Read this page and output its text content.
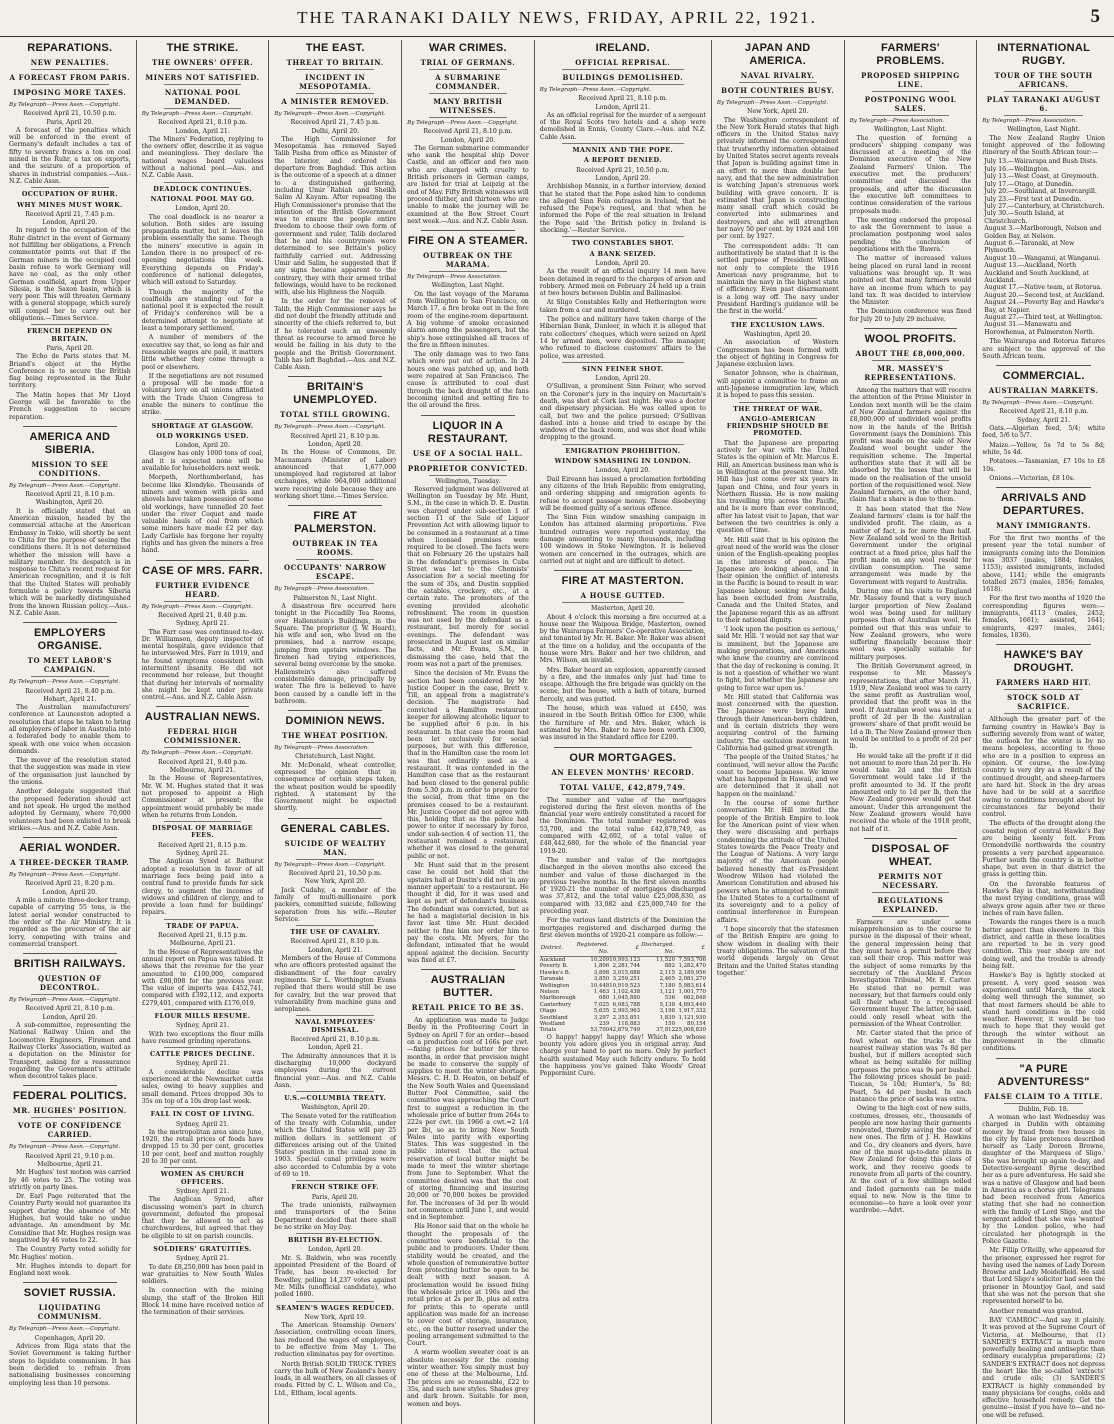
THE TARANAKI DAILY NEWS, FRIDAY, APRIL 22, 1921.	5
REPARATIONS.
NEW PENALTIES.
A FORECAST FROM PARIS.
IMPOSING MORE TAXES.
By Telegraph—Press Assn.—Copyright.
Received April 21, 10.50 p.m.
Paris, April 20.

A forecast of the penalties which will be enforced in the event of Germany's default includes a tax of fifty to seventy francs a ton on coal mined in the Ruhr, a tax on exports, and the seizure of a proportion of shares in industrial companies.—Aus.-N.Z. Cable Assn.

OCCUPATION OF RUHR.
WHY MINES MUST WORK.
Received April 21, 7.45 p.m.
London, April 20.

In regard to the occupation of the Ruhr district in the event of Germany not fulfilling her obligations, a French commentator points out that if the German miners in the occupied coal basin refuse to work Germany will have no coal, as the only other German coalfield, apart from Upper Silesia, is the Saxon basin, which is very poor. This will threaten Germany with a general stoppage, which surely will compel her to carry out her obligations.—Times Service.

FRENCH DEPEND ON BRITAIN.
Paris, April 20.

The Echo de Paris states that M. Briand's object at the Hythe Conference is to secure the British flag being represented in the Ruhr territory.

The Matin hopes that Mr Lloyd George will be favorable to the French suggestion to secure reparation.

AMERICA AND SIBERIA.
MISSION TO SEE CONDITIONS.
By Telegraph—Press Assn.—Copyright.
Received April 21, 8.10 p.m.
Washington, April 20.

It is officially stated that an American mission, headed by the commercial attache at the American Embassy in Tokio, will shortly be sent to Chita for the purpose of seeing the conditions there. It is not determined whether the mission will have a military member. Its despatch is in response to Chita's recent request for American recognition, and it is felt that the United States will probably formulate a policy towards Siberia which will be markedly distinguished from the known Russian policy.—Aus.-N.Z. Cable Assn.

EMPLOYERS ORGANISE.
TO MEET LABOR'S CAMPAIGN.
By Telegraph—Press Assn.—Copyright.
Received April 21, 8.40 p.m.
Hobart, April 21.

The Australian manufacturers' conference at Launceston adopted a resolution that steps be taken to bring all employers of labor in Australia into a federated body to enable them to speak with one voice when occasion demands.

The mover of the resolution stated that the suggestion was made in view of the organisation just launched by the unions.

Another delegate suggested that the proposed federation should act and not speak. He urged the method adopted by Germany, where 70,000 volunteers had been enlisted to break strikes.—Aus. and N.Z. Cable Assn.

AERIAL WONDER.
A THREE-DECKER TRAMP.
By Telegraph—Press Assn.—Copyright.
Received April 21, 8.20 p.m.
London, April 20.

A mile a minute three-decker tramp, capable of carrying 55 tons, is the latest aerial wonder constructed to the order of the Air Ministry. It is regarded as the precursor of the air lorry, competing with trains and commercial transport.

BRITISH RAILWAYS.
QUESTION OF DECONTROL.
By Telegraph—Press Assn.—Copyright.
Received April 21, 8.10 p.m.
London, April 20.

A sub-committee, representing the National Railway Union and the Locomotive Engineers, Firemen and Railway Clerks' Association, waited as a deputation on the Minister for Transport, asking for a reassurance regarding the Government's attitude when decontrol takes place.

FEDERAL POLITICS.
MR. HUGHES' POSITION.
VOTE OF CONFIDENCE CARRIED.
By Telegraph—Press Assn.—Copyright.
Received April 21, 9.10 p.m.
Melbourne, April 21.

Mr. Hughes' test motion was carried by 46 votes to 25. The voting was strictly on party lines.

Dr. Earl Page reiterated that the Country Party would not guarantee its support during the absence of Mr. Hughes, but would take no undue advantage. An amendment by Mr. Considine that Mr. Hughes resign was negatived by 46 votes to 22.

The Country Party voted solidly for Mr. Hughes' motion.

Mr. Hughes intends to depart for England next week.

SOVIET RUSSIA.
LIQUIDATING COMMUNISM.
By Telegraph—Press Assn.—Copyright.
Copenhagen, April 20.

Advices from Riga state that the Soviet Government is taking further steps to liquidate communism. It has been decided to refrain from nationalising businesses concerning employing less than 10 persons.

THE STRIKE.
THE OWNERS' OFFER.
MINERS NOT SATISFIED.
NATIONAL POOL DEMANDED.
By Telegraph—Press Assn.—Copyright.
Received April 21, 8.10 p.m.
London, April 21.

The Miners' Federation, replying to the owners' offer, describe it as vague and meaningless. They declare the national wages board valueless without a national pool.—Aus. and N.Z. Cable Assn.

DEADLOCK CONTINUES.
NATIONAL POOL MAY GO.
London, April 20.

The coal deadlock is no nearer a solution. Both sides are issuing propaganda matter, but it leaves the problem essentially the same. Though the miners' executive is again in London there is no prospect of re-opening negotiations this week. Everything depends on Friday's conference of national delegates, which will extend to Saturday.

Though the majority of the coalfields are standing out for a national pool it is expected the result of Friday's conference will be a determined attempt to negotiate at least a temporary settlement.

A number of members of the executive say that, so long as fair and reasonable wages are paid, it matters little whether they come through a pool or elsewhere.

If the negotiations are not resumed a proposal will be made for a voluntary levy on all unions affiliated with the Trade Union Congress to enable the miners to continue the strike.

SHORTAGE AT GLASGOW.
OLD WORKINGS USED.
London, April 20.

Glasgow has only 1000 tons of coal, and it is expected none will be available for householders next week.

Morpeth, Northumberland, has become like Klondyke. Thousands of miners and women with picks and shovels have taken possession of some old workings, have tunnelled 20 feet under the river Coquet and made valuable hauls of coal from which some miners have made £2 per day. Lady Carlisle has forgone her royalty rights and has given the miners a free hand.

CASE OF MRS. FARR.
FURTHER EVIDENCE HEARD.
By Telegraph—Press Assn.—Copyright.
Received April 21, 8.40 p.m.
Sydney, April 21.

The Farr case was continued to-day. Dr. Williamson, deputy inspector of mental hospitals, gave evidence that he interviewed Mrs. Farr in 1919, and he found symptoms consistent with intermittent insanity. He did not recommend her release, but thought that during her intervals of normality she might be kept under private control.—Aus. and N.Z. Cable Assn.

AUSTRALIAN NEWS.
FEDERAL HIGH COMMISSIONER.
By Telegraph—Press Assn.—Copyright.
Received April 21, 9.40 p.m.
Melbourne, April 21.

In the House of Representatives, Mr. W. M. Hughes stated that it was not proposed to appoint a High Commissioner at present; the appointment would probably be made when he returns from London.

DISPOSAL OF MARRIAGE FEES.
Received April 21, 8.15 p.m.
Sydney, April 21.

The Anglican Synod at Bathurst adopted a resolution in favor of all marriage fees being paid into a central fund to provide funds for sick clergy, to augment the incomes of widows and children of clergy, and to provide a loan fund for buildings' repairs.

TRADE OF PAPUA.
Received April 21, 8.15 p.m.
Melbourne, April 21.

In the House of Representatives the annual report on Papua was tabled. It shows that the revenue for the year amounted to £100,000, compared with £90,098 for the previous year. The value of imports was £452,741, compared with £392,112, and exports £279,401, compared with £176,019.

FLOUR MILLS RESUME.
Sydney, April 21.

With two exceptions the flour mills have resumed grinding operations.

CATTLE PRICES DECLINE.
Sydney, April 21.

A considerable decline was experienced at the Newmarket cattle sales, owing to heavy supplies and small demand. Prices dropped 30s to 35s on top of a 10s drop last week.

FALL IN COST OF LIVING.
Sydney, April 21.

In the metropolitan area since June, 1920, the retail prices of foods have dropped 15 to 30 per cent, groceries 10 per cent, beef and mutton roughly 20 to 30 per cent.

WOMEN AS CHURCH OFFICERS.
Sydney, April 21.

The Anglican Synod, after discussing women's part in church government, defeated the proposal that they be allowed to act as churchwardens, but agreed that they be eligible to sit on parish councils.

SOLDIERS' GRATUITIES.
Sydney, April 21.

To date £8,250,000 has been paid in war gratuities to New South Wales soldiers.

In connection with the mining slump, the staff of the Broken Hill Block 14 mine have received notice of the termination of their services.

THE EAST.
THREAT TO BRITAIN.
INCIDENT IN MESOPOTAMIA.
A MINISTER REMOVED.
By Telegraph—Press Assn.—Copyright.
Received April 21, 7.45 p.m.
Delhi, April 20.

The High Commissioner for Mesopotamia has removed Sayed Talib Pasha from office as Minister of the Interior, and ordered his departure from Baghdad. This action is the outcome of a speech at a dinner to a distinguished gathering, including Umir Rabiah and Sheikh Salim Al Kayam. After repeating the High Commissioner's promise that the intention of the British Government was to ensure the people entire freedom to choose their own form of government and ruler, Talib declared that he and his countrymen were determined to see Britain's policy faithfully carried out. Addressing Umir and Salim, he suggested that if any signs became apparent to the contrary, they with their armed tribal fellowings, would have to be reckoned with, also his Highness the Naquib.

In the order for the removal of Talib, the High Commissioner says he did not doubt the friendly attitude and sincerity of the chiefs referred to, but if he tolerated such an unseemly threat as recourse to armed force he would be failing in his duty to the people and the British Government. Talib has left Baghdad.—Aus. and N.Z. Cable Assn.

BRITAIN'S UNEMPLOYED.
TOTAL STILL GROWING.
By Telegraph—Press Assn.—Copyright.
Received April 21, 8.10 p.m.
London, April 20.

In the House of Commons, Dr. Macnamara (Minister of Labor) announced that 1,677,000 unemployed had registered at labor exchanges, while 964,000 additional were receiving dole because they are working short time.—Times Service.

FIRE AT PALMERSTON.
OUTBREAK IN TEA ROOMS.
OCCUPANTS' NARROW ESCAPE.
By Telegraph—Press Association.
Palmerston N., Last Night.

A disastrous fire occurred here tonight in the Piccadilly Tea Rooms, over Hallenstein's Buildings, in the Square. The proprietor (J. W. Heard), his wife and son, who lived on the premises, had a narrow escape, jumping from upstairs windows. The firemen had trying experiences, several being overcome by the smoke. Hallenstein's also suffered considerable damage, principally by water. The fire is believed to have been caused by a candle left in the bathroom.

DOMINION NEWS.
THE WHEAT POSITION.
By Telegraph—Press Association.
Christchurch, Last Night.

Mr. McDonald, wheat controller, expressed the opinion that in consequence of certain steps taken, the wheat position would be speedily righted. A statement by the Government might be expected shortly.

GENERAL CABLES.
SUICIDE OF WEALTHY MAN.
By Telegraph—Press Assn.—Copyright.
Received April 21, 10.50 p.m.
New York, April 20.

Jack Cudahy, a member of the family of multi-millionaire pork packers, committed suicide, following separation from his wife.—Reuter Service.

THE USE OF CAVALRY.
Received April 21, 8.10 p.m.
London, April 21.

Members of the House of Commons who are officers protested against the disbandment of the four cavalry regiments. Sir L. Worthington Evans replied that there would still be use for cavalry, but the war proved that vulnerability from machine guns and aeroplanes.

NAVAL EMPLOYEES' DISMISSAL.
Received April 21, 8.10 p.m.
London, April 21.

The Admiralty announces that it is discharging 10,000 dockyard employees during the current financial year.—Aus. and N.Z. Cable Assn.

U.S.—COLUMBIA TREATY.
Washington, April 20.

The Senate voted for the ratification of the treaty with Columbia, under which the United States will pay 25 million dollars in settlement of differences arising out of the United States' position in the canal zone in 1903. Special canal privileges were also accorded to Columbia by a vote of 69 to 19.

FRENCH STRIKE OFF.
Paris, April 20.

The trade unionists, railwaymen and transporters of the Seine Department decided that there shall be no strike on May Day.

BRITISH BY-ELECTION.
London, April 20.

Mr. S. Baldwin, who was recently appointed President of the Board of Trade, has been re-elected for Bewdley, polling 14,237 votes against Mr. Mills (unofficial candidate), who polled 1680.

SEAMEN'S WAGES REDUCED.
New York, April 19.

The American Steamship Owners' Association, controlling ocean liners, has reduced the wages of employees, to be effective from May 1. The reduction eliminates pay for overtime.

North British SOLID TRUCK TYRES carry the bulk of New Zealand's heavy loads, in all weathers, on all classes of roads. Fitted by C. L. Wilson and Co., Ltd., Eltham, local agents.

WAR CRIMES.
TRIAL OF GERMANS.
A SUBMARINE COMMANDER.
MANY BRITISH WITNESSES.
By Telegraph—Press Assn.—Copyright.
Received April 21, 8.10 p.m.
London, April 20.

The German submarine commander who sank the hospital ship Dover Castle, and an officer and two men who are charged with cruelty to British prisoners in German camps, are listed for trial at Leipzig at the end of May. Fifty British witnesses will proceed thither, and thirteen who are unable to make the journey will be examined at the Bow Street Court next week.—Aus. and N.Z. Cable Assn.

FIRE ON A STEAMER.
OUTBREAK ON THE MARAMA.
By Telegraph—Press Association.
Wellington, Last Night.

On the last voyage of the Marama from Wellington to San Francisco, on March 17, a fire broke out in the fore room of the engine-room department. A big volume of smoke occasioned alarm among the passengers, but the ship's hose extinguished all traces of the fire in fifteen minutes.

The only damage was to two fans which were put out of action. In 24 hours one was patched up, and both were repaired at San Francisco. The cause is attributed to coal dust through the back draught of the fans becoming ignited and setting fire to the oil around the fires.

LIQUOR IN A RESTAURANT.
USE OF A SOCIAL HALL.
PROPRIETOR CONVICTED.
Wellington, Tuesday.

Reserved judgment was delivered at Wellington on Tuesday by Mr. Hunt, S.M., in the case in which D. E. Dustin was charged under sub-section 1 of section 11 of the Sale of Liquor Prevention Act with allowing liquor to be consumed in a restaurant at a time when licensed premises were required to be closed. The facts were that on February 26 the upstairs hall in the defendant's premises in Cuba Street was let to the Chemists' Association for a social meeting for the sum of 35s, and Dustin supplied the eatables, crockery, etc., at a certain rate. The promoters of the evening provided alcoholic refreshment. The room in question was not used by the defendant as a restaurant, but merely for social evenings. The defendant was prosecuted in August last on similar facts, and Mr. Evans, S.M., in dismissing the case, held that the room was not a part of the premises.

Since the decision of Mr. Evans the section had been considered by Mr. Justice Cooper in the case, Brett v. Till, an appeal from a magistrate's decision. The magistrate had convicted a Hamilton restaurant keeper for allowing alcoholic liquor to be supplied after 6 p.m. in his restaurant. In that case the room had been let exclusively for social purposes, but with this difference, that in the Hamilton case the room let was that ordinarily used as a restaurant. It was contended in the Hamilton case that as the restaurant had been closed to the general public from 5.30 p.m. in order to prepare for the social, from that time on the premises ceased to be a restaurant. Mr. Justice Cooper did not agree with this, holding that as the police had power to enter if necessary by force, under sub-section 4 of section 11, the restaurant remained a restaurant, whether it was closed to the general public or not.

Mr. Hunt said that in the present case he could not hold that the upstairs hall at Dustin's did not 'in any manner appertain' to a restaurant. He thought it did, for it was used and kept as part of defendant's business. The defendant was convicted, but as he had a magisterial decision in his favor last time Mr. Hunt decided neither to fine him nor order him to pay the costs. Mr. Myers, for the defendant, intimated that he would appeal against the decision. Security was fixed at £7.

AUSTRALIAN BUTTER.
RETAIL PRICE TO BE 3S.

An application was made to Judge Beeby in the Profiteering Court in Sydney on April 7 for an order—based on a production cost of 166s per cwt.—fixing prices for butter for three months, in order that provision might be made to conserve the supply of supplies to meet the winter shortage. Messrs. C. H. D. Heaton, on behalf of the New South Wales and Queensland Butter Pool Committee, said the committee was approaching the Court first to suggest a reduction in the wholesale price of butter from 264s to 222s per cwt. (in 1966 a cwt.=2 1/4 per lb), so as to bring New South Wales into parity with exporting States. This was suggested in the public interest that the actual reservation of local butter might be made to meet the winter shortage from June to September. What the committee desired was that the cost of storing, financing and insuring 20,000 or 70,000 boxes be provided for. The increases of 3d per lb would not commence until June 1, and would end in September.

His Honor said that on the whole he thought the proposals of the committee were beneficial to the public and to producers. Under them stability would be created, and the whole question of remunerative butter from protecting butter be open to be dealt with next season. A proclamation would be issued fixing the wholesale price at 196s and the retail price at 2s per lb, plus ad extra for prints; this to operate until application was made for an increase to cover cost of storage, insurance, etc., on the butter reserved under the pooling arrangement submitted to the Court.

A warm woollen sweater coat is an absolute necessity for the coming winter weather. You simply must buy one of these at the Melbourne, Ltd. The prices are so reasonable, £22 to 35s, and such new styles. Shades grey and dark brown. Suitable for men, women and boys.

IRELAND.
OFFICIAL REPRISAL.
BUILDINGS DEMOLISHED.
By Telegraph—Press Assn.—Copyright.
Received April 21, 8.10 p.m.
London, April 21.

As an official reprisal for the murder of a sergeant of the Royal Scots two hotels and a shop were demolished in Ennis, County Clare.—Aus. and N.Z. Cable Assn.

MANNIX AND THE POPE.
A REPORT DENIED.
Received April 21, 10.50 p.m.
London, April 20.

Archbishop Mannix, in a further interview, denied that he stated that the Pope asked him to condemn the alleged Sinn Fein outrages in Ireland, that he refused the Pope's request, and that when he informed the Pope of the real situation in Ireland the Pope said 'the British policy in Ireland is shocking.'—Reuter Service.

TWO CONSTABLES SHOT.
A BANK SEIZED.
London, April 20.

As the result of an official inquiry 14 men have been detained in regard to the charges of arson and robbery. Armed men on February 24 held up a train at two hours between Dublin and Ballinasloe.

At Sligo Constables Kelly and Hetherington were taken from a car and murdered.

The police and military have taken charge of the Hibernian Bank, Dunleer, in which it is alleged that rate collectors' cheques, which were seized on April 14 by armed men, were deposited. The manager, who refused to disclose customers' affairs to the police, was arrested.

SINN FEINER SHOT.
London, April 20.

O'Sullivan, a prominent Sinn Feiner, who served on the Coroner's jury in the inquiry on Macurtain's death, was shot at Cork last night. He was a doctor and dispensary physician. He was called upon to call, but two and the police pursued; O'Sullivan dashed into a house and tried to escape by the windows of the back room, and was shot dead while dropping to the ground.

EMIGRATION PROHIBITION.
WINDOW SMASHING IN LONDON.
London, April 20.

Dail Eireann has issued a proclamation forbidding any citizens of the Irish Republic from emigrating, and ordering shipping and emigration agents to refuse to accept passage money. Those disobeying will be deemed guilty of a serious offence.

The Sinn Fein window smashing campaign in London has attained alarming proportions. Five hundred outrages were reported yesterday, the damage amounting to many thousands, including 100 windows in Stoke Newington. It is believed women are concerned in the outrages, which are carried out at night and are difficult to detect.

FIRE AT MASTERTON.
A HOUSE GUTTED.
Masterton, April 20.

About 4 o'clock this morning a fire occurred at a house near the Waipoua Bridge, Masterton, owned by the Wairarapa Farmers' Co-operative Association, and tenanted by Mr. H. Baker. Mr. Baker was absent at the time on a holiday, and the occupants of the house were Mrs. Baker and her two children, and Mrs. Wilson, an invalid.

Mrs. Baker heard an explosion, apparently caused by a fire, and the inmates only just had time to escape. Although the fire brigade was quickly on the scene, but the house, with a bath of totara, burned fiercely, and was gutted.

The house, which was valued at £450, was insured in the South British Office for £300, while the furniture of Mr. and Mrs. Baker, which is estimated by Mrs. Baker to have been worth £300, was insured in the Standard office for £200.

OUR MORTGAGES.
AN ELEVEN MONTHS' RECORD.
TOTAL VALUE, £42,879,749.

The number and value of the mortgages registered during the first eleven months of the financial year were entirely constituted a record for the Dominion. The total number registered was 53,700, and the total value £42,879,749, as compared with 42,692, of a total value of £48,442,680, for the whole of the financial year 1919-20.

The number and value of the mortgages discharged in the eleven months also exceed the number and value of those discharged in the previous twelve months. In the first eleven months of 1920-21 the number of mortgages discharged was 37,812, and the total value £25,008,830, as compared with 33,082 and £25,000,740 for the preceding year.

For the various land districts of the Dominion the mortgages registered and discharged during the first eleven months of 1920-21 compare as follow:—

District.	Registered. No.	£	Discharged. No.	£
Auckland	10,209	10,993,123	11,520	7,593,706
Poverty B.	1,806	2,281,744	882	1,282,470
Hawke's B.	3,898	3,015,688	2,115	2,189,956
Taranaki	3,850	3,259,251	2,465	2,081,270
Wellington	10,448	10,919,523	7,180	5,983,614
Nelson	1,463	1,102,438	1,121	1,001,770
Marlborough	680	1,045,880	536	662,848
Canterbury	7,025	6,083,788	5,138	4,693,440
Otago	5,635	2,993,963	3,198	1,917,332
Southland	3,297	2,353,851	1,839	1,121,930
Westland	239	118,883	150	80,154
Totals	53,700	42,879,749	37,812	25,008,830

O happy! happy! happy day! Which she whose bounty you adore gives you in original array. And charge your hand to part no more. Only by perfect health sustained May such felicity endure. To hold the happiness you've gained Take Woods' Great Peppermint Cure.

JAPAN AND AMERICA.
NAVAL RIVALRY.
BOTH COUNTRIES BUSY.
By Telegraph—Press Assn.—Copyright.
New York, April 20.

The Washington correspondent of the New York Herald states that high officers in the United States navy privately informed the correspondent that trustworthy information obtained by United States secret agents reveals that Japan is building against time in an effort to more than double her navy, and that the new administration is watching Japan's strenuous work building with grave concern. It is estimated that Japan is constructing many small craft which could be converted into submarines and destroyers, and she will strengthen her navy 50 per cent. by 1924 and 100 per cent. by 1927.

The correspondent adds: 'It can authoritatively be stated that it is the settled purpose of President Wilson not only to complete the 1916 American navy programme, but to maintain the navy in the highest state of efficiency. Even past disarmament is a long way off. The navy under President Harding's guidance will be the first in the world.'

THE EXCLUSION LAWS.
Washington, April 20.

An association of Western Congressmen has been formed with the object of fighting in Congress for Japanese exclusion laws.

Senator Johnson, who is chairman, will appoint a committee to frame an anti-Japanese immigration law, which it is hoped to pass this session.

THE THREAT OF WAR.
ANGLO-AMERICAN FRIENDSHIP SHOULD BE PROMOTED.

That the Japanese are preparing actively for war with the United States is the opinion of Mr. Marcus E. Hill, an American business man who is in Wellington at the present time. Mr. Hill has just come over six years in Japan and China, and four years in Northern Russia. He is now making his travelling trip across the Pacific, and he is more than ever convinced, after his latest visit to Japan, that war between the two countries is only a question of time.

Mr. Hill said that in his opinion the great need of the world was the closer union of the English-speaking peoples in the interests of peace. The Japanese are looking ahead, and in their opinion the conflict of interests in the Pacific is bound to result in war. Japanese labour, seeking new fields, has been excluded from Australia, Canada and the United States, and the Japanese regard this as an affront to their national dignity.

'I look upon the position as serious,' said Mr. Hill. 'I would not say that war is imminent, but the Japanese are making preparations, and Americans who know the country are convinced that the day of reckoning is coming. It is not a question of whether we want to fight, but whether the Japanese are going to force war upon us.'

Mr. Hill stated that California was most concerned with the question. The Japanese were buying land through their American-born children, and in certain districts they were acquiring control of the farming industry. The exclusion movement in California had gained great strength.

'The people of the United States,' he continued, 'will never allow the Pacific coast to become Japanese. We know what has happened in Hawaii, and we are determined that it shall not happen on the mainland.'

In the course of some further conversation Mr. Hill invited the people of the British Empire to look for the American point of view when they were discussing and perhaps condemning the attitude of the United States towards the Peace Treaty and the League of Nations. A very large majority of the American people believed honestly that ex-President Woodrow Wilson had violated the American Constitution and abused his powers when he attempted to commit the United States to a curtailment of its sovereignty and to a policy of continual interference in European affairs.

'I hope sincerely that the statesmen of the British Empire are going to show wisdom in dealing with their treaty obligations. The salvation of the world depends largely on Great Britain and the United States standing together.'

FARMERS' PROBLEMS.
PROPOSED SHIPPING LINE.
POSTPONING WOOL SALES.
By Telegraph—Press Association.
Wellington, Last Night.

The question of forming a producers' shipping company was discussed at a meeting of the Dominion executive of the New Zealand Farmers' Union. The executive met the producers' committee and discussed the proposals, and after the discussion the executive left committees to continue consideration of the various proposals made.

The meeting endorsed the proposal to ask the Government to issue a proclamation postponing wool sales pending the conclusion of negotiations with the 'Bawra.'

The matter of increased values being placed on rural land in recent valuations was brought up. It was pointed out that many farmers would have an income from which to pay land tax. It was decided to interview the Minister.

The Dominion conference was fixed for July 20 to July 29 inclusive.

WOOL PROFITS.
ABOUT THE £8,000,000.
MR. MASSEY'S REPRESENTATIONS.

Among the matters that will receive the attention of the Prime Minister in London next month will be the claim of New Zealand farmers against the £8,000,000 of undivided wool profits now in the hands of the British Government (says the Dominion). This profit was made on the sale of New Zealand wool bought under the requisition scheme. The Imperial authorities state that it will all be absorbed by the losses that will be made on the realisation of the unsold portion of the requisitioned wool. New Zealand farmers, on the other hand, claim that a share is due to them.

It has been stated that the New Zealand farmers' claim is for half the undivided profit. The claim, as a matter of fact, is for more than half. New Zealand sold wool to the British Government under the original contract at a fixed price, plus half the profit made on any wool resold for civilian consumption. The same arrangement was made by the Government with regard to Australia.

During one of his visits to England Mr. Massey found that a very much larger proportion of New Zealand wool was being used for military purposes than of Australian wool. He pointed out that this was unfair to New Zealand growers, who were suffering financially because their wool was specially suitable for military purposes.

The British Government agreed, in response to Mr. Massey's representations, that after March 31, 1919, New Zealand wool was to carry the same profit as Australian wool, provided that the profit was in the wool. If Australian wool was sold at a profit of 2d per lb the Australian growers' share of that profit would be 1d a lb. The New Zealand grower then would be entitled to a profit of 2d per lb.

He would take all the profit if it did not amount to more than 2d per lb. He would take 2d and the British Government would take 1d if the profit amounted to 3d. If the profit amounted only to 1d per lb, then the New Zealand grower would get that amount. Under this arrangement the New Zealand growers would have received the whole of the 1918 profit, not half of it.

DISPOSAL OF WHEAT.
PERMITS NOT NECESSARY.
REGULATIONS EXPLAINED.

Farmers are under some misapprehension as to the course to pursue in the disposal of their wheat, the general impression being that they must have a permit before they can sell their crop. This matter was the subject of some remarks by the secretary of the Auckland Prices Investigation Tribunal, Mr. E. Carter. He stated that no permit was necessary, but that farmers could only sell their wheat to a recognised Government buyer. The latter, he said, could only resell wheat with the permission of the Wheat Controller.

Mr. Carter stated that the price of fowl wheat on the trucks at the nearest railway station was 7s 8d per bushel, but if millers accepted such wheat as being suitable for milling purposes the price was 9s per bushel. The following prices should be paid: Tuscan, 5s 10d; Hunter's, 5s 8d; Pearl, 5s 4d per bushel. In each instance the price of sacks was extra.

Owing to the high cost of new suits, costumes, dresses, etc., thousands of people are now having their garments renovated, thereby saving the cost of new ones. The firm of J. H. Hawkins and Co., dry cleaners and dyers, have one of the most up-to-date plants in New Zealand for doing this class of work, and they receive goods to renovate from all parts of the country. At the cost of a few shillings soiled and faded garments can be made equal to new. Now is the time to economise—to have a look over your wardrobe.—Advt.

INTERNATIONAL RUGBY.
TOUR OF THE SOUTH AFRICANS.
PLAY TARANAKI AUGUST 6.
By Telegraph—Press Association.
Wellington, Last Night.

The New Zealand Rugby Union tonight approved of the following itinerary of the South African tour:—

July 13.—Wairarapa and Bush Dists.
July 16.—Wellington.
July 13.—West Coast, at Greymouth.
July 17.—Otago, at Dunedin.
July 20.—Southland, at Invercargill.
July 23.—First test at Dunedin.
July 27.—Canterbury, at Christchurch.
July 30.—South Island, at Christchurch.
August 3.—Marlborough, Nelson and Golden Bay, at Nelson.
August 6.—Taranaki, at New Plymouth.
August 10.—Wanganui, at Wanganui.
August 13.—Auckland, North Auckland and South Auckland, at Auckland.
August 17.—Native team, at Rotorua.
August 20.—Second test, at Auckland.
August 24.—Poverty Bay and Hawke's Bay, at Napier.
August 27.—Third test, at Wellington.
August 31.—Manawatu and Horowhenua, at Palmerston North.

The Wairarapa and Rotorua fixtures are subject to the approval of the South African team.

COMMERCIAL.
AUSTRALIAN MARKETS.
By Telegraph—Press Assn.—Copyright.
Received April 21, 8.10 p.m.
Sydney, April 21.

Oats.—Algerian feed, 5/4; white feed, 5/6 to 5/7.

Maize.—Yellow, 5s 7d to 5s 8d; white, 5s 4d.

Potatoes.—Tasmanian, £7 10s to £8 10s.

Onions.—Victorian, £8 10s.

ARRIVALS AND DEPARTURES.
MANY IMMIGRANTS.

For the first two months of the present year the total number of immigrants coming into the Dominion was 3037 (males, 1884; females, 1153); assisted immigrants, included above, 1141; while the emigrants totalled 2673 (males, 1856; females, 1618).

For the first two months of 1920 the corresponding figures were:—immigrants, 4113 (males, 2452; females, 1661); assisted, 1641; emigrants, 4297 (males, 2461; females, 1836).

HAWKE'S BAY DROUGHT.
FARMERS HARD HIT.
STOCK SOLD AT SACRIFICE.

Although the greater part of the farming country in Hawke's Bay is suffering severely from want of water, the outlook for the winter is by no means hopeless, according to those who are in a position to express an opinion. Of course, the low-lying country is very dry as a result of the continued drought, and sheep-farmers are hard hit. Stock in the dry areas have had to be sold at a sacrifice owing to conditions brought about by circumstances far beyond their control.

The effects of the drought along the coastal region of central Hawke's Bay are being keenly felt. From Ormondville northwards the country presents a very parched appearance. Further south the country is in better shape, but even in that district the grass is getting thin.

On the favorable features of Hawke's Bay is that, notwithstanding the most trying conditions, grass will always grow again after two or three inches of rain have fallen.

Towards the ranges there is a much better aspect than elsewhere in this district, and cattle in these localities are reported to be in very good condition. This year sheep are not doing well, and the trouble is already being felt.

Hawke's Bay is lightly stocked at present. A very good season was experienced until March, the stock doing well through the summer, so that most farmers should be able to stand hard conditions in the cold weather. However, it would be too much to hope that they would get through the winter without an improvement in the climatic conditions.

"A PURE ADVENTURESS"
FALSE CLAIM TO A TITLE.
Dublin, Feb. 18.

A woman who last Wednesday was charged in Dublin with obtaining money by fraud from two houses in the city by false pretences described herself as 'Lady Doreen Browne, daughter of the Marquess of Sligo.' She was brought up again to-day, and Detective-sergeant Byrne described her as a pure adventuress. He said she was a native of Glasgow and had been in America as a chorus girl. Telegrams had been received from America stating that she had no connection with the family of Lord Sligo, and the sergeant added that she was 'wanted' by the London police, who had circulated her photograph in the Police Gazette.

Mr. Fillip O'Reilly, who appeared for the prisoner, expressed her regret for having used the names of Lady Doreen Browne and Lady Moidelfield. He said that Lord Sligo's solicitor had seen the prisoner in Mountjoy Gaol, and said that she was not the person that she represented herself to be.

Another remand was granted.

BAY 'CAMROC'—And say it plainly. It was proved at the Supreme Court of Victoria, at Melbourne, that (1) SANDER'S EXTRACT is much more powerfully healing and antiseptic than ordinary eucalyptus preparations; (2) SANDER'S EXTRACT does not depress the heart like the so-called 'extracts' and crude oils; (3) SANDER'S EXTRACT is highly commended by many physicians for coughs, colds and effective household remedy. Get the genuine—insist if you have to—and no-one will be refused.
